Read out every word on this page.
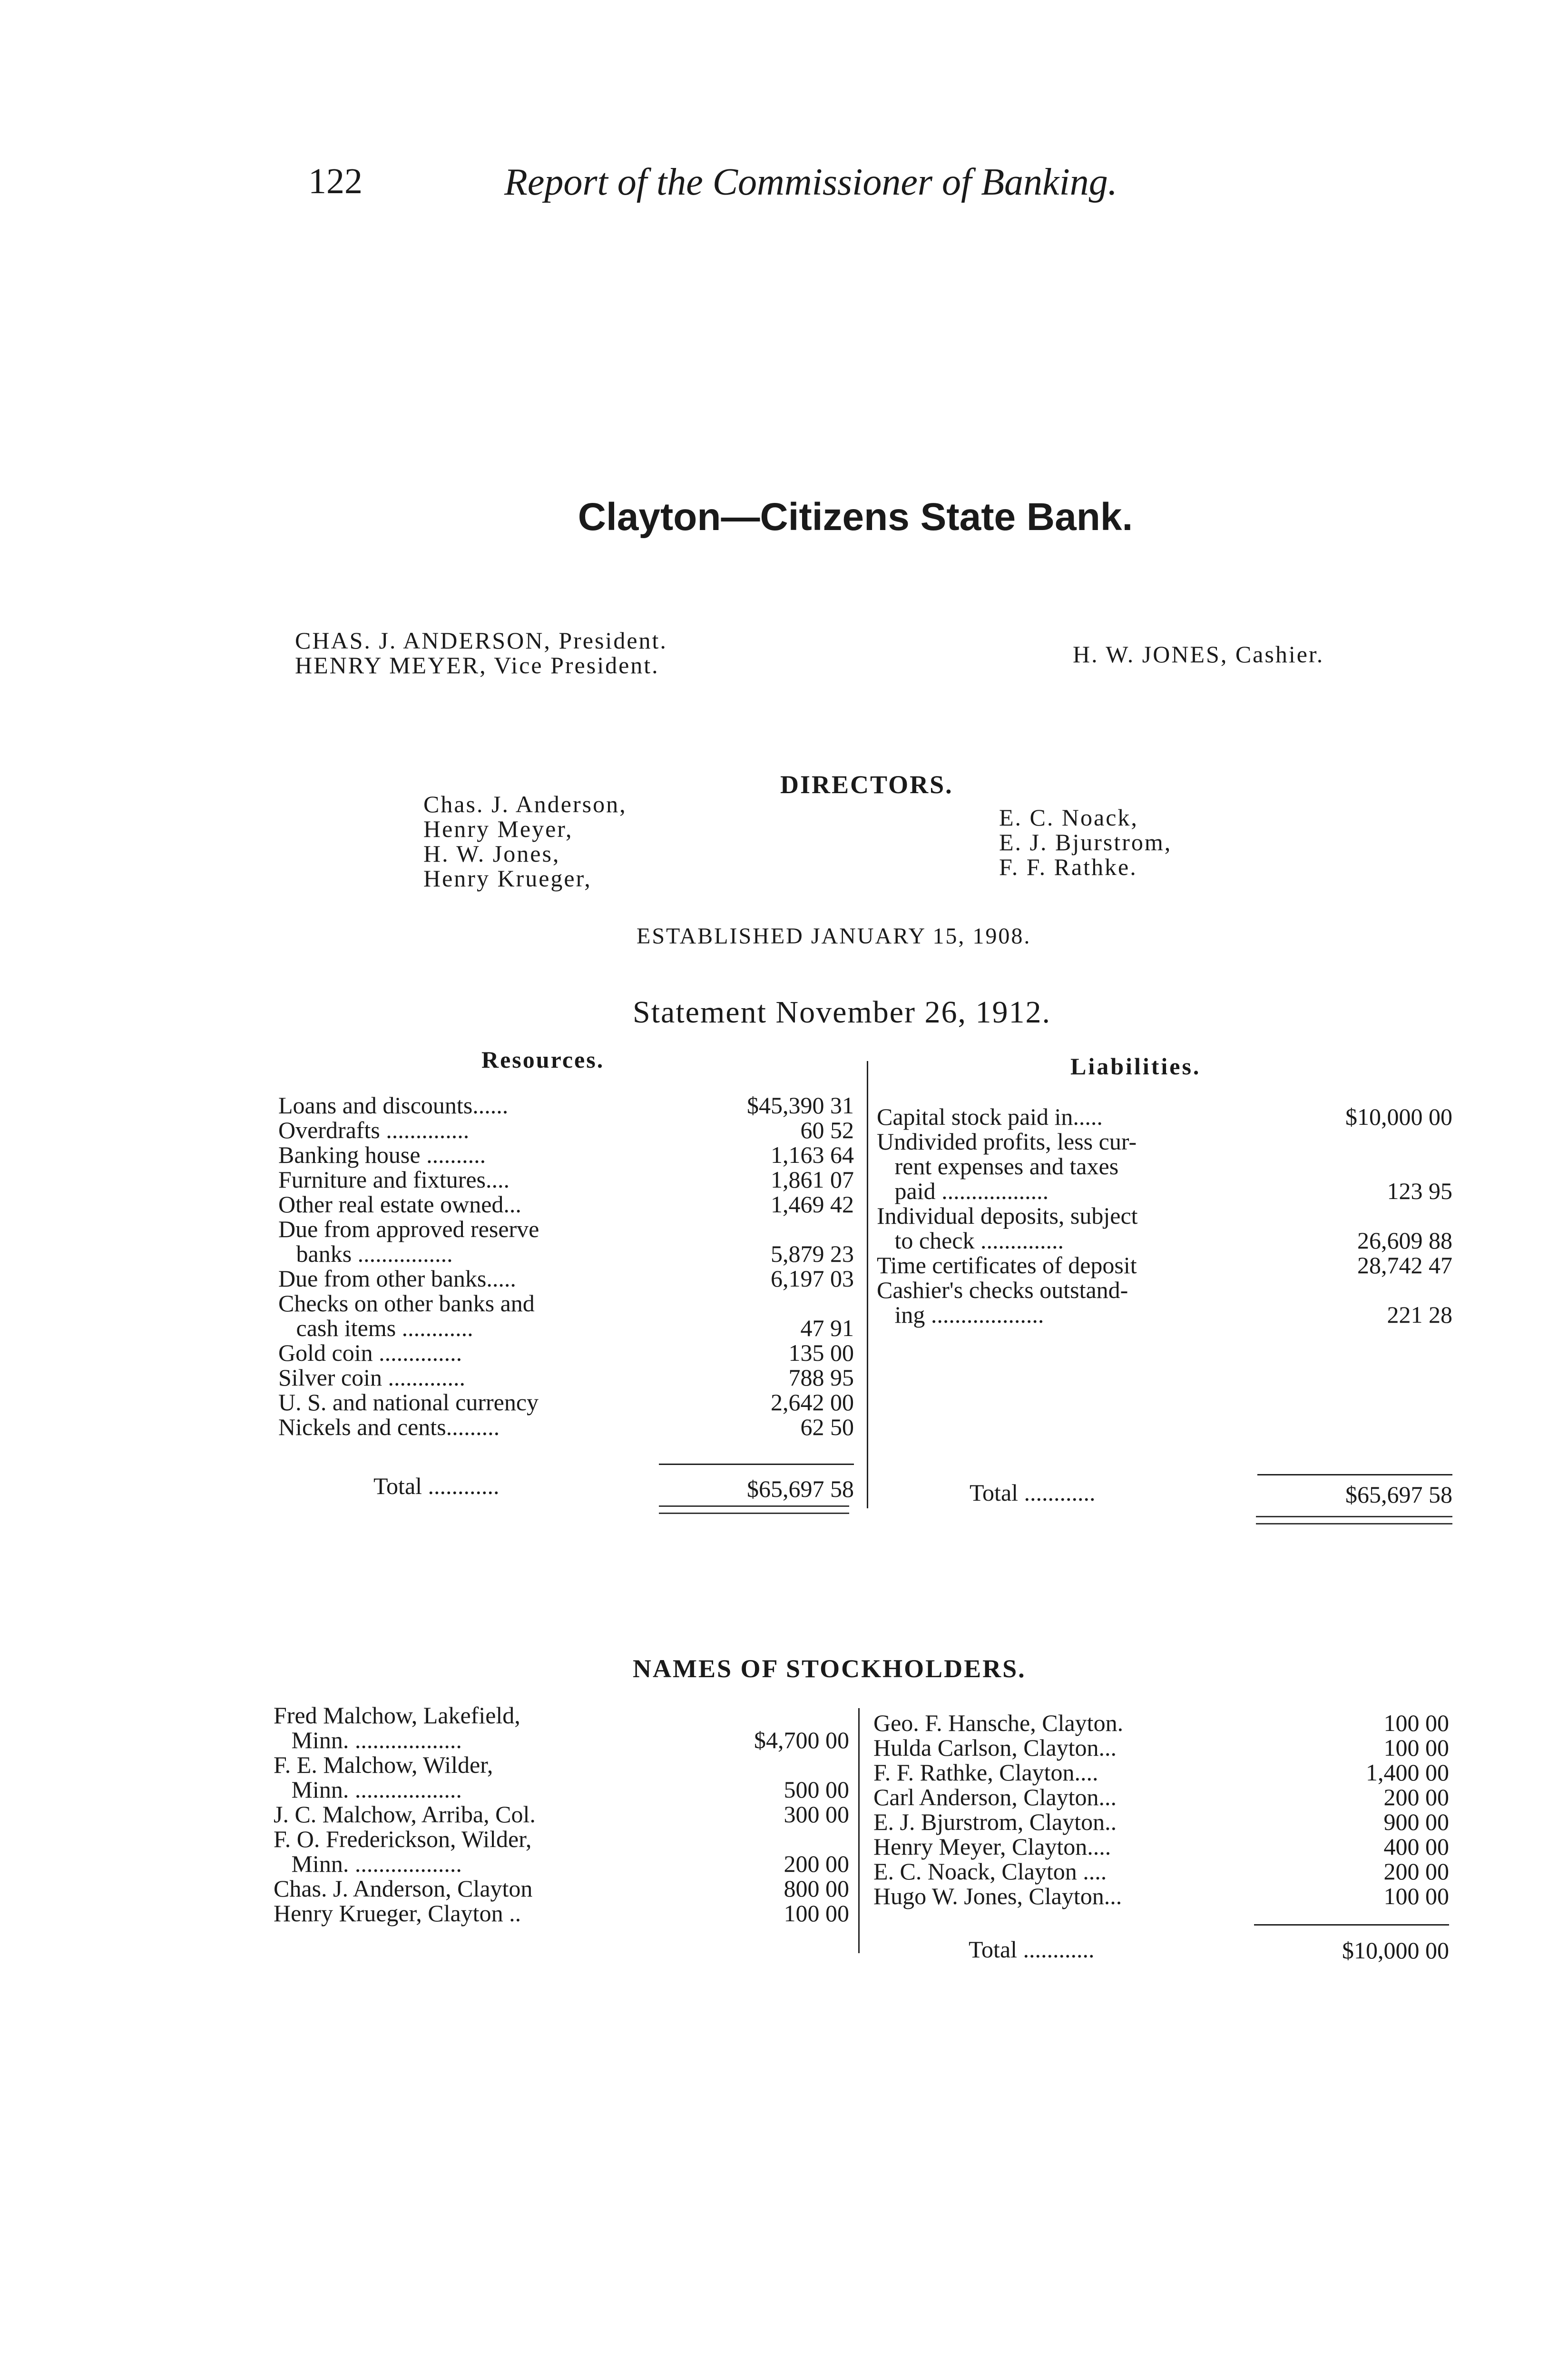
122	Report of the Commissioner of Banking.
Clayton—Citizens State Bank.
CHAS. J. ANDERSON, President.
HENRY MEYER, Vice President.	H. W. JONES, Cashier.
DIRECTORS.
Chas. J. Anderson,
Henry Meyer,
H. W. Jones,
Henry Krueger,
E. C. Noack,
E. J. Bjurstrom,
F. F. Rathke.
ESTABLISHED JANUARY 15, 1908.
Statement November 26, 1912.
Resources.	Liabilities.
Loans and discounts......	$45,390 31
Overdrafts ..............	60 52
Banking house ..........	1,163 64
Furniture and fixtures....	1,861 07
Other real estate owned...	1,469 42
Due from approved reserve
banks ................	5,879 23
Due from other banks.....	6,197 03
Checks on other banks and
cash items ............	47 91
Gold coin ..............	135 00
Silver coin .............	788 95
U. S. and national currency	2,642 00
Nickels and cents.........	62 50
Total ............	$65,697 58
Capital stock paid in.....	$10,000 00
Undivided profits, less cur-
rent expenses and taxes
paid ..................	123 95
Individual deposits, subject
to check ..............	26,609 88
Time certificates of deposit	28,742 47
Cashier's checks outstand-
ing ...................	221 28
Total ............	$65,697 58
NAMES OF STOCKHOLDERS.
Fred Malchow, Lakefield,
Minn. ..................	$4,700 00
F. E. Malchow, Wilder,
Minn. ..................	500 00
J. C. Malchow, Arriba, Col.	300 00
F. O. Frederickson, Wilder,
Minn. ..................	200 00
Chas. J. Anderson, Clayton	800 00
Henry Krueger, Clayton ..	100 00
Geo. F. Hansche, Clayton.	100 00
Hulda Carlson, Clayton...	100 00
F. F. Rathke, Clayton....	1,400 00
Carl Anderson, Clayton...	200 00
E. J. Bjurstrom, Clayton..	900 00
Henry Meyer, Clayton....	400 00
E. C. Noack, Clayton ....	200 00
Hugo W. Jones, Clayton...	100 00
Total ............	$10,000 00
